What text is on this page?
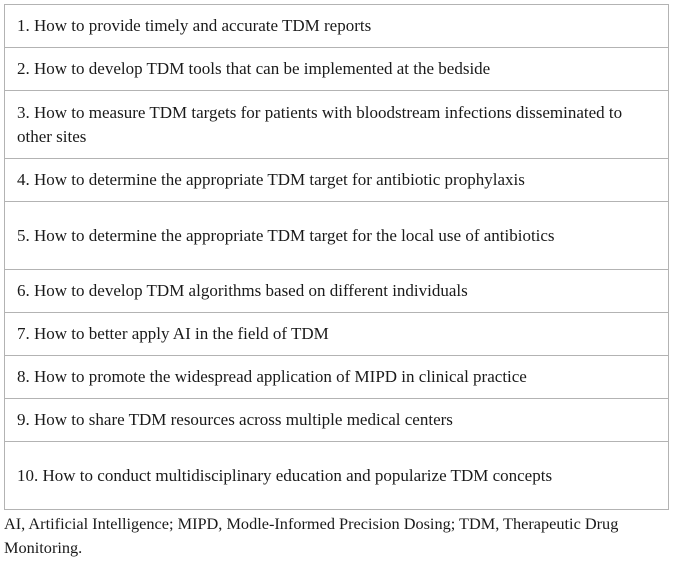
1. How to provide timely and accurate TDM reports
2. How to develop TDM tools that can be implemented at the bedside
3. How to measure TDM targets for patients with bloodstream infections disseminated to other sites
4. How to determine the appropriate TDM target for antibiotic prophylaxis
5. How to determine the appropriate TDM target for the local use of antibiotics
6. How to develop TDM algorithms based on different individuals
7. How to better apply AI in the field of TDM
8. How to promote the widespread application of MIPD in clinical practice
9. How to share TDM resources across multiple medical centers
10. How to conduct multidisciplinary education and popularize TDM concepts
AI, Artificial Intelligence; MIPD, Modle-Informed Precision Dosing; TDM, Therapeutic Drug Monitoring.
